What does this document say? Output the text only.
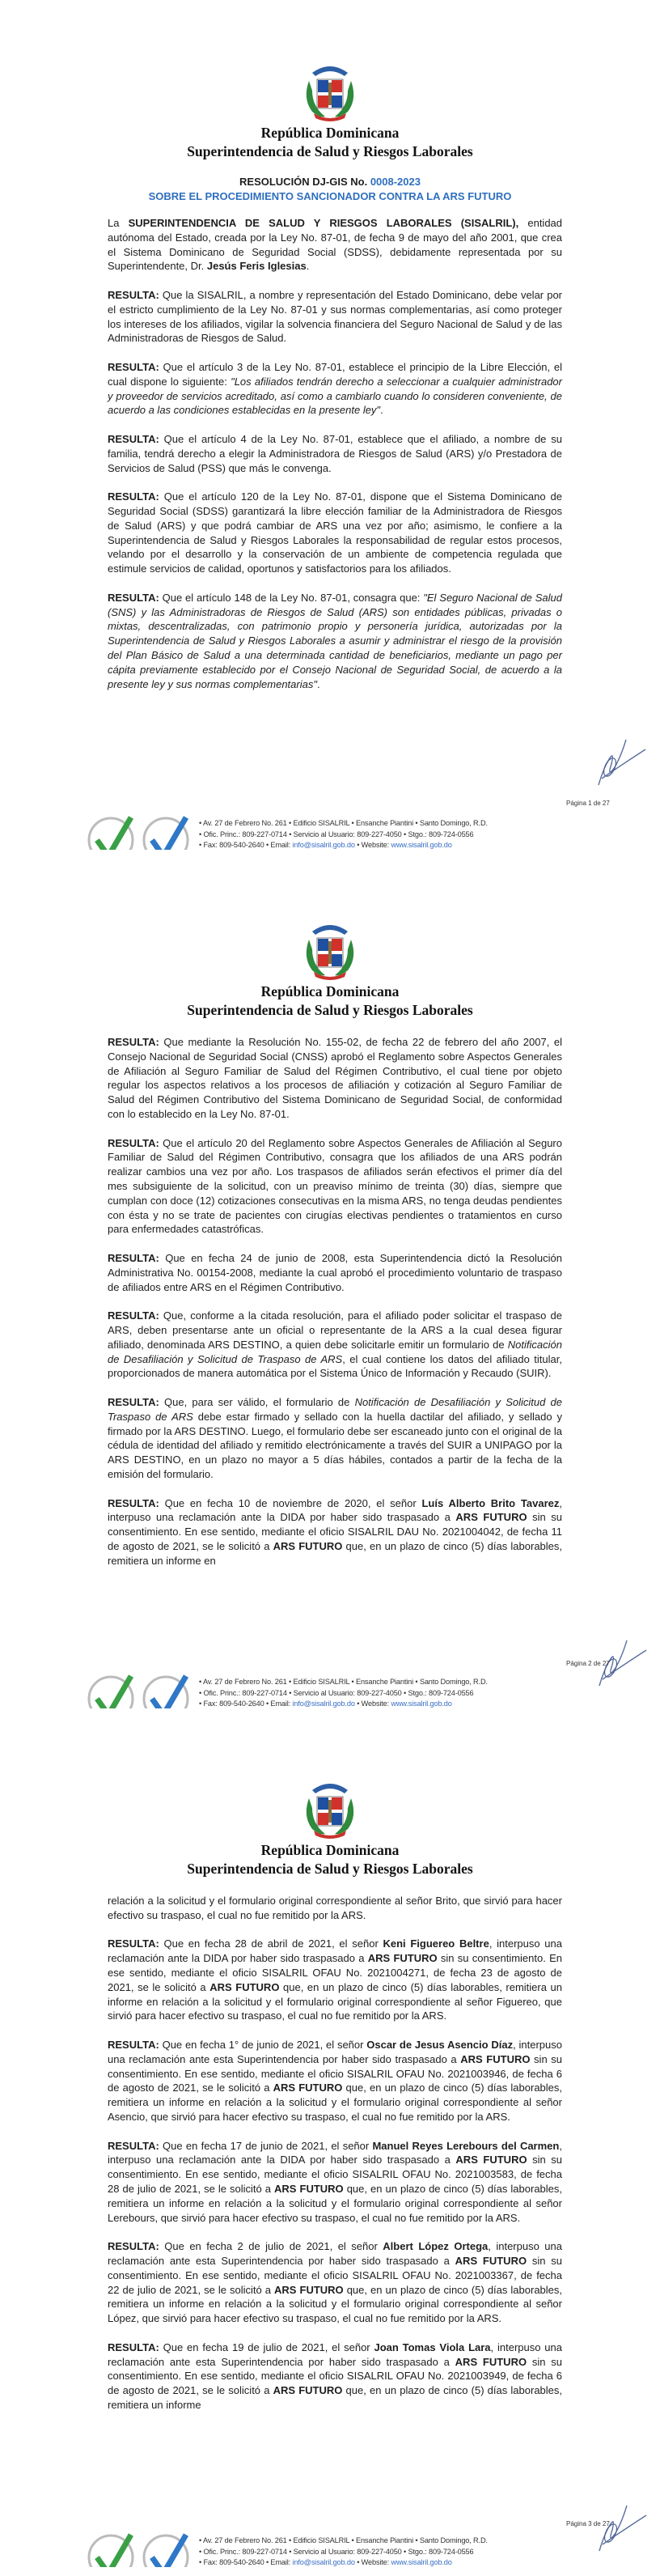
República Dominicana
Superintendencia de Salud y Riesgos Laborales

La SUPERINTENDENCIA DE SALUD Y RIESGOS LABORALES (SISALRIL), entidad autónoma del Estado, creada por la Ley No. 87-01, de fecha 9 de mayo del año 2001, que crea el Sistema Dominicano de Seguridad Social (SDSS), debidamente representada por su Superintendente, Dr. Jesús Feris Iglesias.

RESULTA: Que la SISALRIL, a nombre y representación del Estado Dominicano, debe velar por el estricto cumplimiento de la Ley No. 87-01 y sus normas complementarias, así como proteger los intereses de los afiliados, vigilar la solvencia financiera del Seguro Nacional de Salud y de las Administradoras de Riesgos de Salud.

RESULTA: Que el artículo 3 de la Ley No. 87-01, establece el principio de la Libre Elección, el cual dispone lo siguiente: "Los afiliados tendrán derecho a seleccionar a cualquier administrador y proveedor de servicios acreditado, así como a cambiarlo cuando lo consideren conveniente, de acuerdo a las condiciones establecidas en la presente ley".

RESULTA: Que el artículo 4 de la Ley No. 87-01, establece que el afiliado, a nombre de su familia, tendrá derecho a elegir la Administradora de Riesgos de Salud (ARS) y/o Prestadora de Servicios de Salud (PSS) que más le convenga.

RESULTA: Que el artículo 120 de la Ley No. 87-01, dispone que el Sistema Dominicano de Seguridad Social (SDSS) garantizará la libre elección familiar de la Administradora de Riesgos de Salud (ARS) y que podrá cambiar de ARS una vez por año; asimismo, le confiere a la Superintendencia de Salud y Riesgos Laborales la responsabilidad de regular estos procesos, velando por el desarrollo y la conservación de un ambiente de competencia regulada que estimule servicios de calidad, oportunos y satisfactorios para los afiliados.

RESULTA: Que el artículo 148 de la Ley No. 87-01, consagra que: "El Seguro Nacional de Salud (SNS) y las Administradoras de Riesgos de Salud (ARS) son entidades públicas, privadas o mixtas, descentralizadas, con patrimonio propio y personería jurídica, autorizadas por la Superintendencia de Salud y Riesgos Laborales a asumir y administrar el riesgo de la provisión del Plan Básico de Salud a una determinada cantidad de beneficiarios, mediante un pago per cápita previamente establecido por el Consejo Nacional de Seguridad Social, de acuerdo a la presente ley y sus normas complementarias".

Página 1 de 27
• Av. 27 de Febrero No. 261 • Edificio SISALRIL • Ensanche Piantini • Santo Domingo, R.D.
• Ofic. Princ.: 809-227-0714 • Servicio al Usuario: 809-227-4050 • Stgo.: 809-724-0556
• Fax: 809-540-2640 • Email: info@sisalril.gob.do • Website: www.sisalril.gob.do
RESOLUCIÓN DJ-GIS No. 0008-2023
SOBRE EL PROCEDIMIENTO SANCIONADOR CONTRA LA ARS FUTURO
República Dominicana
Superintendencia de Salud y Riesgos Laborales

RESULTA: Que mediante la Resolución No. 155-02, de fecha 22 de febrero del año 2007, el Consejo Nacional de Seguridad Social (CNSS) aprobó el Reglamento sobre Aspectos Generales de Afiliación al Seguro Familiar de Salud del Régimen Contributivo, el cual tiene por objeto regular los aspectos relativos a los procesos de afiliación y cotización al Seguro Familiar de Salud del Régimen Contributivo del Sistema Dominicano de Seguridad Social, de conformidad con lo establecido en la Ley No. 87-01.

RESULTA: Que el artículo 20 del Reglamento sobre Aspectos Generales de Afiliación al Seguro Familiar de Salud del Régimen Contributivo, consagra que los afiliados de una ARS podrán realizar cambios una vez por año. Los traspasos de afiliados serán efectivos el primer día del mes subsiguiente de la solicitud, con un preaviso mínimo de treinta (30) días, siempre que cumplan con doce (12) cotizaciones consecutivas en la misma ARS, no tenga deudas pendientes con ésta y no se trate de pacientes con cirugías electivas pendientes o tratamientos en curso para enfermedades catastróficas.

RESULTA: Que en fecha 24 de junio de 2008, esta Superintendencia dictó la Resolución Administrativa No. 00154-2008, mediante la cual aprobó el procedimiento voluntario de traspaso de afiliados entre ARS en el Régimen Contributivo.

RESULTA: Que, conforme a la citada resolución, para el afiliado poder solicitar el traspaso de ARS, deben presentarse ante un oficial o representante de la ARS a la cual desea figurar afiliado, denominada ARS DESTINO, a quien debe solicitarle emitir un formulario de Notificación de Desafiliación y Solicitud de Traspaso de ARS, el cual contiene los datos del afiliado titular, proporcionados de manera automática por el Sistema Único de Información y Recaudo (SUIR).

RESULTA: Que, para ser válido, el formulario de Notificación de Desafiliación y Solicitud de Traspaso de ARS debe estar firmado y sellado con la huella dactilar del afiliado, y sellado y firmado por la ARS DESTINO. Luego, el formulario debe ser escaneado junto con el original de la cédula de identidad del afiliado y remitido electrónicamente a través del SUIR a UNIPAGO por la ARS DESTINO, en un plazo no mayor a 5 días hábiles, contados a partir de la fecha de la emisión del formulario.

RESULTA: Que en fecha 10 de noviembre de 2020, el señor Luís Alberto Brito Tavarez, interpuso una reclamación ante la DIDA por haber sido traspasado a ARS FUTURO sin su consentimiento. En ese sentido, mediante el oficio SISALRIL DAU No. 2021004042, de fecha 11 de agosto de 2021, se le solicitó a ARS FUTURO que, en un plazo de cinco (5) días laborables, remitiera un informe en

Página 2 de 27
• Av. 27 de Febrero No. 261 • Edificio SISALRIL • Ensanche Piantini • Santo Domingo, R.D.
• Ofic. Princ.: 809-227-0714 • Servicio al Usuario: 809-227-4050 • Stgo.: 809-724-0556
• Fax: 809-540-2640 • Email: info@sisalril.gob.do • Website: www.sisalril.gob.do
República Dominicana
Superintendencia de Salud y Riesgos Laborales

relación a la solicitud y el formulario original correspondiente al señor Brito, que sirvió para hacer efectivo su traspaso, el cual no fue remitido por la ARS.

RESULTA: Que en fecha 28 de abril de 2021, el señor Keni Figuereo Beltre, interpuso una reclamación ante la DIDA por haber sido traspasado a ARS FUTURO sin su consentimiento. En ese sentido, mediante el oficio SISALRIL OFAU No. 2021004271, de fecha 23 de agosto de 2021, se le solicitó a ARS FUTURO que, en un plazo de cinco (5) días laborables, remitiera un informe en relación a la solicitud y el formulario original correspondiente al señor Figuereo, que sirvió para hacer efectivo su traspaso, el cual no fue remitido por la ARS.

RESULTA: Que en fecha 1° de junio de 2021, el señor Oscar de Jesus Asencio Díaz, interpuso una reclamación ante esta Superintendencia por haber sido traspasado a ARS FUTURO sin su consentimiento. En ese sentido, mediante el oficio SISALRIL OFAU No. 2021003946, de fecha 6 de agosto de 2021, se le solicitó a ARS FUTURO que, en un plazo de cinco (5) días laborables, remitiera un informe en relación a la solicitud y el formulario original correspondiente al señor Asencio, que sirvió para hacer efectivo su traspaso, el cual no fue remitido por la ARS.

RESULTA: Que en fecha 17 de junio de 2021, el señor Manuel Reyes Lerebours del Carmen, interpuso una reclamación ante la DIDA por haber sido traspasado a ARS FUTURO sin su consentimiento. En ese sentido, mediante el oficio SISALRIL OFAU No. 2021003583, de fecha 28 de julio de 2021, se le solicitó a ARS FUTURO que, en un plazo de cinco (5) días laborables, remitiera un informe en relación a la solicitud y el formulario original correspondiente al señor Lerebours, que sirvió para hacer efectivo su traspaso, el cual no fue remitido por la ARS.

RESULTA: Que en fecha 2 de julio de 2021, el señor Albert López Ortega, interpuso una reclamación ante esta Superintendencia por haber sido traspasado a ARS FUTURO sin su consentimiento. En ese sentido, mediante el oficio SISALRIL OFAU No. 2021003367, de fecha 22 de julio de 2021, se le solicitó a ARS FUTURO que, en un plazo de cinco (5) días laborables, remitiera un informe en relación a la solicitud y el formulario original correspondiente al señor López, que sirvió para hacer efectivo su traspaso, el cual no fue remitido por la ARS.

RESULTA: Que en fecha 19 de julio de 2021, el señor Joan Tomas Viola Lara, interpuso una reclamación ante esta Superintendencia por haber sido traspasado a ARS FUTURO sin su consentimiento. En ese sentido, mediante el oficio SISALRIL OFAU No. 2021003949, de fecha 6 de agosto de 2021, se le solicitó a ARS FUTURO que, en un plazo de cinco (5) días laborables, remitiera un informe

Página 3 de 27
• Av. 27 de Febrero No. 261 • Edificio SISALRIL • Ensanche Piantini • Santo Domingo, R.D.
• Ofic. Princ.: 809-227-0714 • Servicio al Usuario: 809-227-4050 • Stgo.: 809-724-0556
• Fax: 809-540-2640 • Email: info@sisalril.gob.do • Website: www.sisalril.gob.do
